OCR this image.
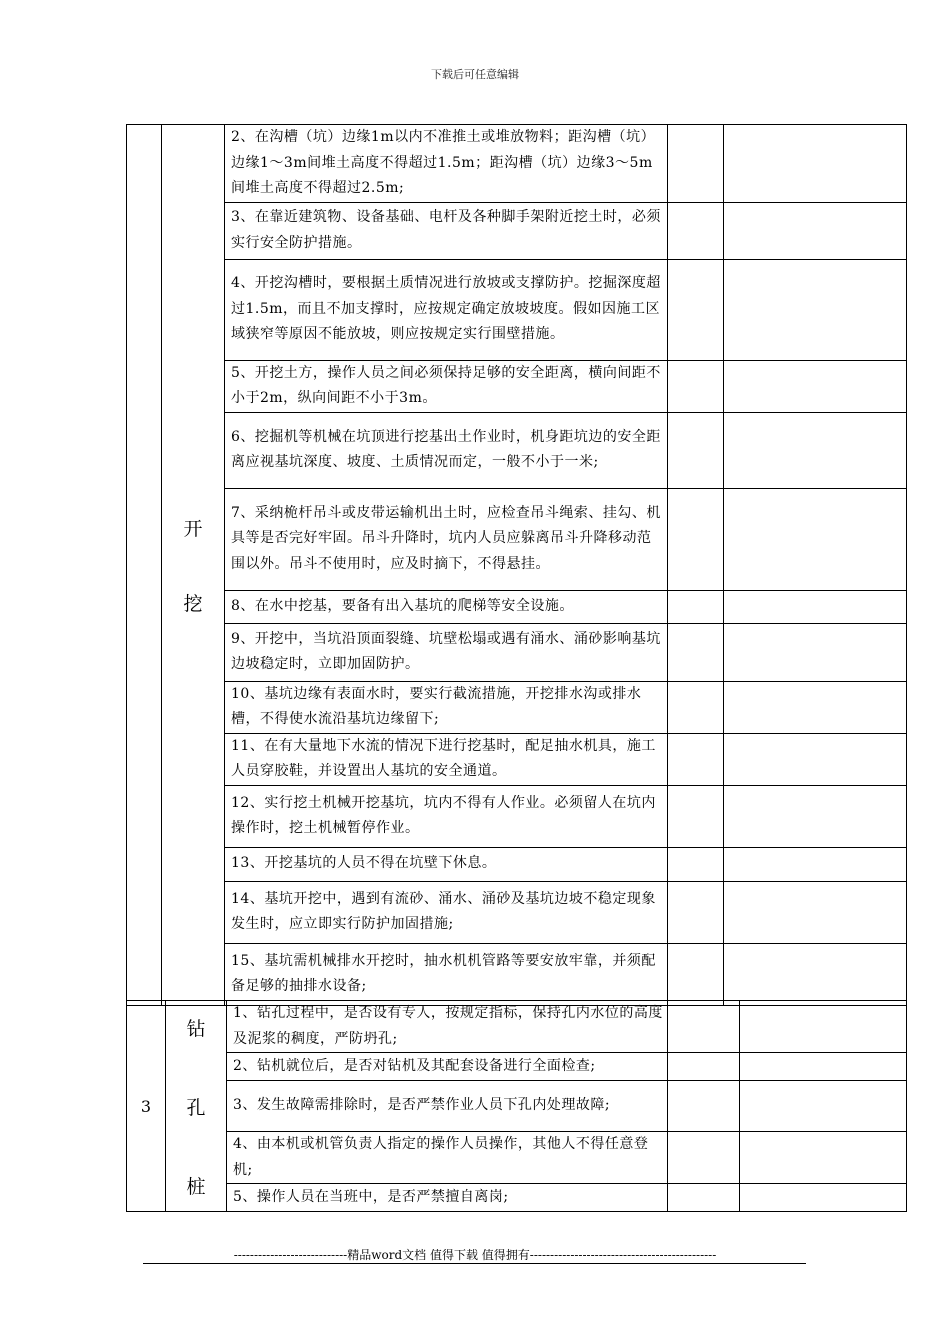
下载后可任意编辑

	开
挖	2、在沟槽（坑）边缘1m以内不准推土或堆放物料；距沟槽（坑）边缘1～3m间堆土高度不得超过1.5m；距沟槽（坑）边缘3～5m间堆土高度不得超过2.5m;		
		3、在靠近建筑物、设备基础、电杆及各种脚手架附近挖土时，必须实行安全防护措施。		
		4、开挖沟槽时，要根据土质情况进行放坡或支撑防护。挖掘深度超过1.5m，而且不加支撑时，应按规定确定放坡坡度。假如因施工区域狭窄等原因不能放坡，则应按规定实行围壁措施。		
		5、开挖土方，操作人员之间必须保持足够的安全距离，横向间距不小于2m，纵向间距不小于3m。		
		6、挖掘机等机械在坑顶进行挖基出土作业时，机身距坑边的安全距离应视基坑深度、坡度、土质情况而定，一般不小于一米;		
		7、采纳桅杆吊斗或皮带运输机出土时，应检查吊斗绳索、挂勾、机具等是否完好牢固。吊斗升降时，坑内人员应躲离吊斗升降移动范围以外。吊斗不使用时，应及时摘下，不得悬挂。		
		8、在水中挖基，要备有出入基坑的爬梯等安全设施。		
		9、开挖中，当坑沿顶面裂缝、坑壁松塌或遇有涌水、涌砂影响基坑边坡稳定时，立即加固防护。		
		10、基坑边缘有表面水时，要实行截流措施，开挖排水沟或排水槽，不得使水流沿基坑边缘留下;		
		11、在有大量地下水流的情况下进行挖基时，配足抽水机具，施工人员穿胶鞋，并设置出人基坑的安全通道。		
		12、实行挖土机械开挖基坑，坑内不得有人作业。必须留人在坑内操作时，挖土机械暂停作业。		
		13、开挖基坑的人员不得在坑壁下休息。		
		14、基坑开挖中，遇到有流砂、涌水、涌砂及基坑边坡不稳定现象发生时，应立即实行防护加固措施;		
		15、基坑需机械排水开挖时，抽水机机管路等要安放牢靠，并须配备足够的抽排水设备;		
3	钻
孔
桩	1、钻孔过程中，是否设有专人，按规定指标，保持孔内水位的高度及泥浆的稠度，严防坍孔;		
		2、钻机就位后，是否对钻机及其配套设备进行全面检查;		
		3、发生故障需排除时，是否严禁作业人员下孔内处理故障;		
		4、由本机或机管负责人指定的操作人员操作，其他人不得任意登机;		
		5、操作人员在当班中，是否严禁擅自离岗;		
----------------------------精品word文档 值得下载 值得拥有----------------------------------------------
